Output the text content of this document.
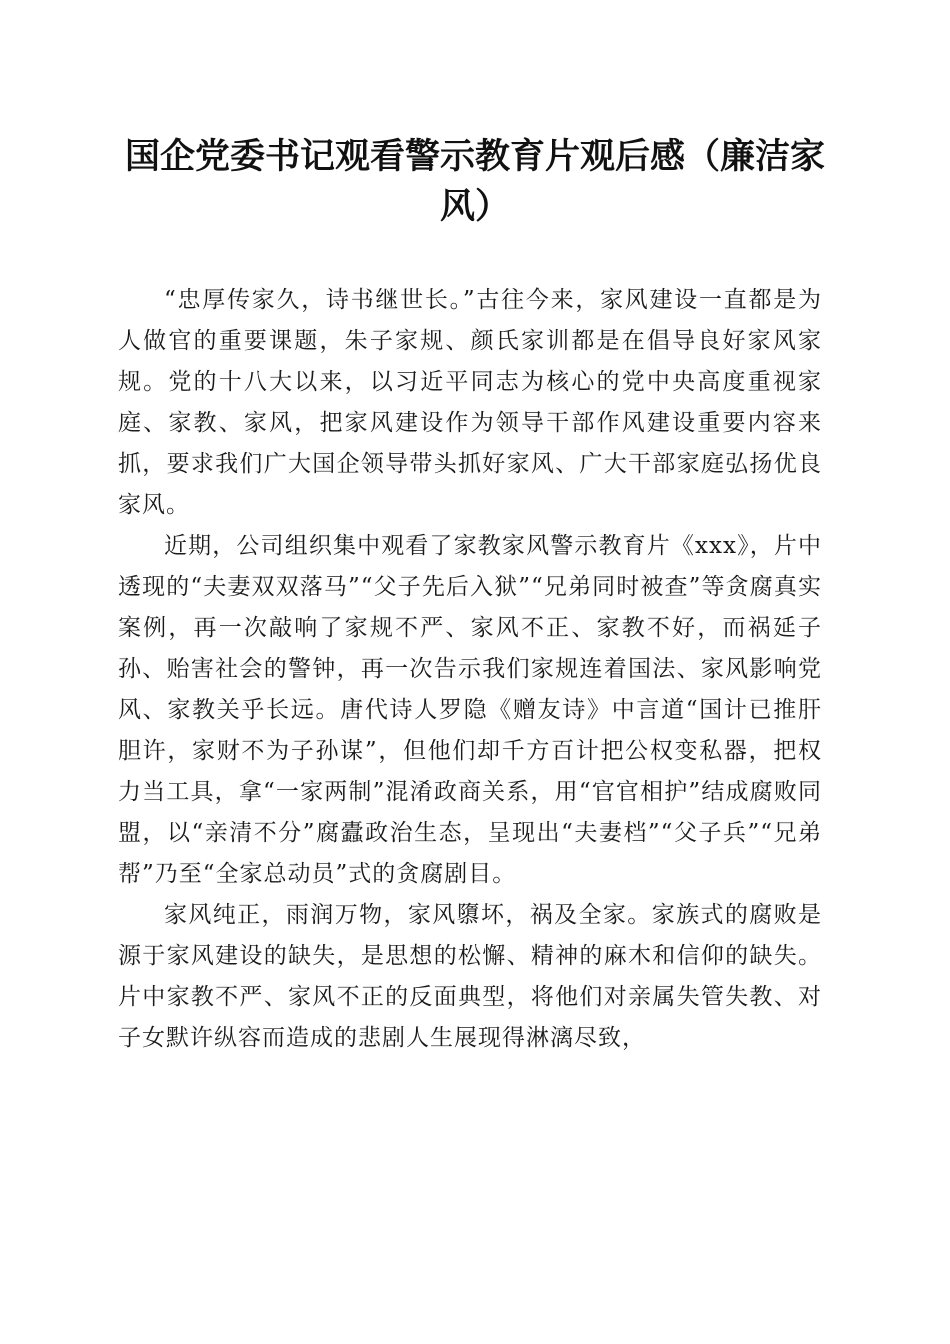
国企党委书记观看警示教育片观后感（廉洁家风）

“忠厚传家久，诗书继世长。”古往今来，家风建设一直都是为人做官的重要课题，朱子家规、颜氏家训都是在倡导良好家风家规。党的十八大以来，以习近平同志为核心的党中央高度重视家庭、家教、家风，把家风建设作为领导干部作风建设重要内容来抓，要求我们广大国企领导带头抓好家风、广大干部家庭弘扬优良家风。

近期，公司组织集中观看了家教家风警示教育片《xxx》，片中透现的“夫妻双双落马”“父子先后入狱”“兄弟同时被查”等贪腐真实案例，再一次敲响了家规不严、家风不正、家教不好，而祸延子孙、贻害社会的警钟，再一次告示我们家规连着国法、家风影响党风、家教关乎长远。唐代诗人罗隐《赠友诗》中言道“国计已推肝胆许，家财不为子孙谋”，但他们却千方百计把公权变私器，把权力当工具，拿“一家两制”混淆政商关系，用“官官相护”结成腐败同盟，以“亲清不分”腐蠹政治生态，呈现出“夫妻档”“父子兵”“兄弟帮”乃至“全家总动员”式的贪腐剧目。

家风纯正，雨润万物，家风隳坏，祸及全家。家族式的腐败是源于家风建设的缺失，是思想的松懈、精神的麻木和信仰的缺失。片中家教不严、家风不正的反面典型，将他们对亲属失管失教、对子女默许纵容而造成的悲剧人生展现得淋漓尽致，
